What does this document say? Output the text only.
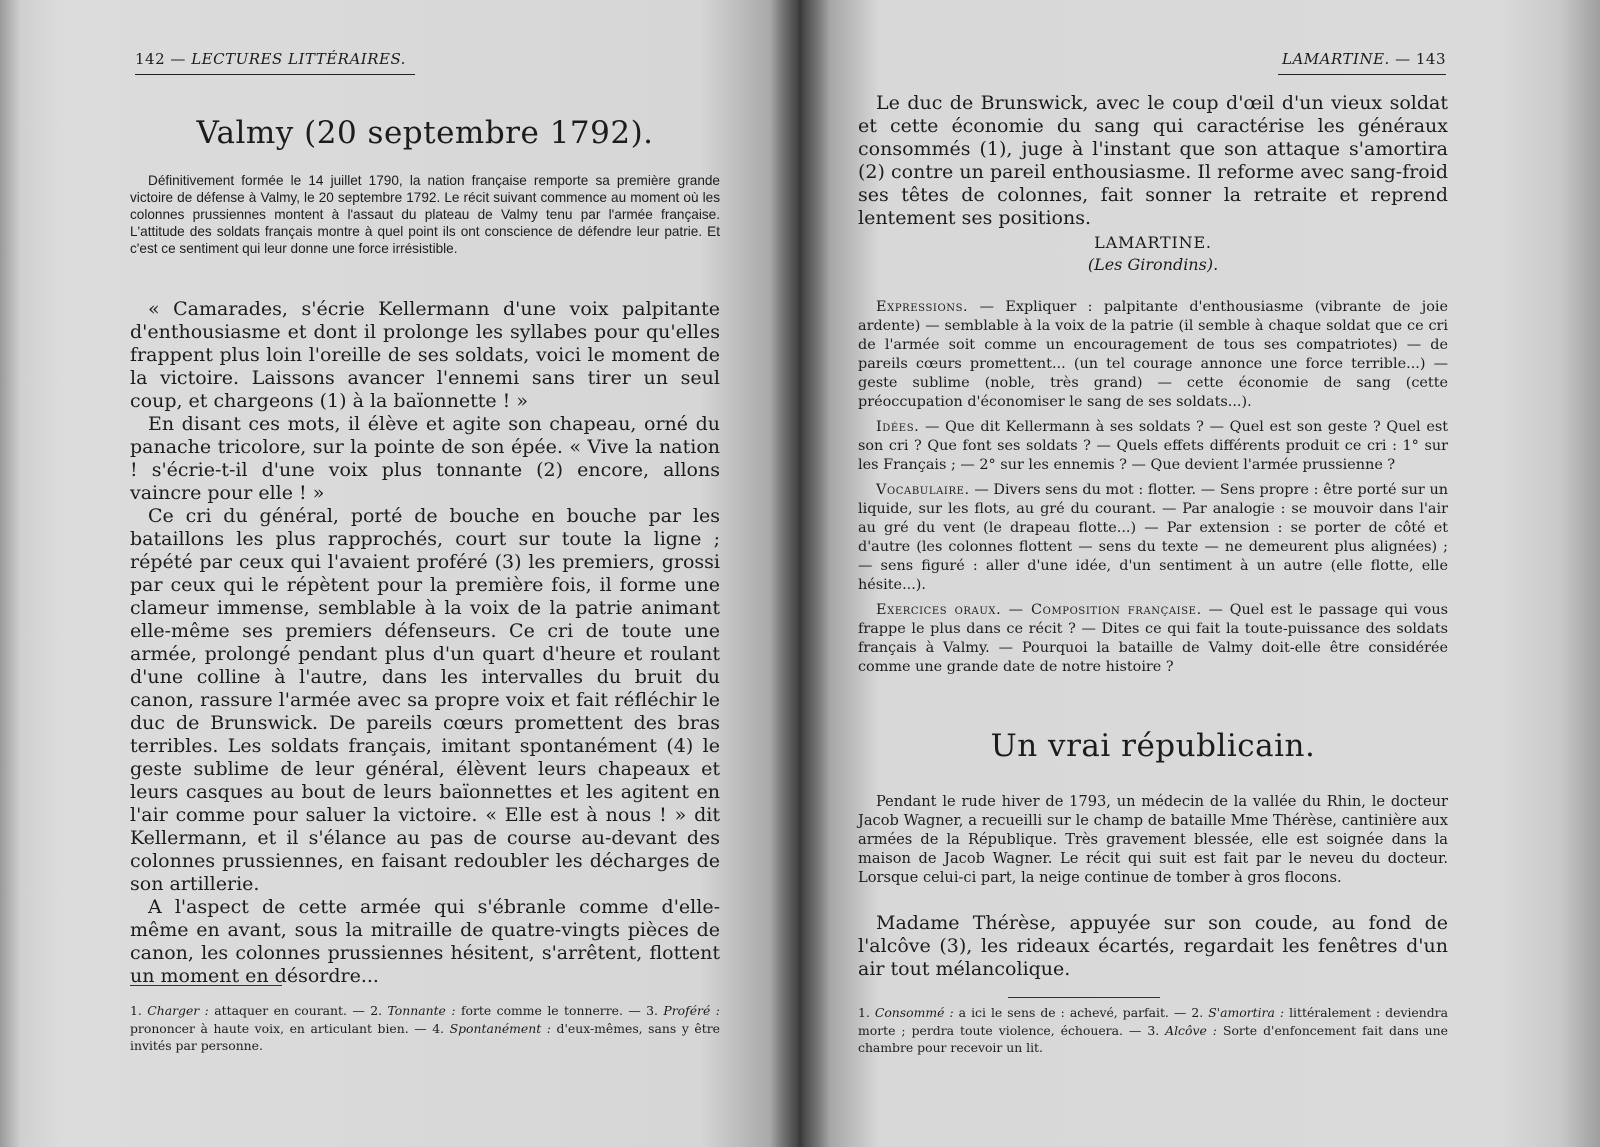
142 — LECTURES LITTÉRAIRES.
Valmy (20 septembre 1792).

Définitivement formée le 14 juillet 1790, la nation française remporte sa première grande victoire de défense à Valmy, le 20 septembre 1792. Le récit suivant commence au moment où les colonnes prussiennes montent à l'assaut du plateau de Valmy tenu par l'armée française. L'attitude des soldats français montre à quel point ils ont conscience de défendre leur patrie. Et c'est ce sentiment qui leur donne une force irrésistible.

« Camarades, s'écrie Kellermann d'une voix palpitante d'enthousiasme et dont il prolonge les syllabes pour qu'elles frappent plus loin l'oreille de ses soldats, voici le moment de la victoire. Laissons avancer l'ennemi sans tirer un seul coup, et chargeons (1) à la baïonnette ! »

En disant ces mots, il élève et agite son chapeau, orné du panache tricolore, sur la pointe de son épée. « Vive la nation ! s'écrie-t-il d'une voix plus tonnante (2) encore, allons vaincre pour elle ! »

Ce cri du général, porté de bouche en bouche par les bataillons les plus rapprochés, court sur toute la ligne ; répété par ceux qui l'avaient proféré (3) les premiers, grossi par ceux qui le répètent pour la première fois, il forme une clameur immense, semblable à la voix de la patrie animant elle-même ses premiers défenseurs. Ce cri de toute une armée, prolongé pendant plus d'un quart d'heure et roulant d'une colline à l'autre, dans les intervalles du bruit du canon, rassure l'armée avec sa propre voix et fait réfléchir le duc de Brunswick. De pareils cœurs promettent des bras terribles. Les soldats français, imitant spontanément (4) le geste sublime de leur général, élèvent leurs chapeaux et leurs casques au bout de leurs baïonnettes et les agitent en l'air comme pour saluer la victoire. « Elle est à nous ! » dit Kellermann, et il s'élance au pas de course au-devant des colonnes prussiennes, en faisant redoubler les décharges de son artillerie.

A l'aspect de cette armée qui s'ébranle comme d'elle-même en avant, sous la mitraille de quatre-vingts pièces de canon, les colonnes prussiennes hésitent, s'arrêtent, flottent un moment en désordre...

1. Charger : attaquer en courant. — 2. Tonnante : forte comme le tonnerre. — 3. Proféré : prononcer à haute voix, en articulant bien. — 4. Spontanément : d'eux-mêmes, sans y être invités par personne.

LAMARTINE. — 143

Le duc de Brunswick, avec le coup d'œil d'un vieux soldat et cette économie du sang qui caractérise les généraux consommés (1), juge à l'instant que son attaque s'amortira (2) contre un pareil enthousiasme. Il reforme avec sang-froid ses têtes de colonnes, fait sonner la retraite et reprend lentement ses positions.

LAMARTINE.
(Les Girondins).

Expressions. — Expliquer : palpitante d'enthousiasme (vibrante de joie ardente) — semblable à la voix de la patrie (il semble à chaque soldat que ce cri de l'armée soit comme un encouragement de tous ses compatriotes) — de pareils cœurs promettent... (un tel courage annonce une force terrible...) — geste sublime (noble, très grand) — cette économie de sang (cette préoccupation d'économiser le sang de ses soldats...).

Idées. — Que dit Kellermann à ses soldats ? — Quel est son geste ? Quel est son cri ? Que font ses soldats ? — Quels effets différents produit ce cri : 1° sur les Français ; — 2° sur les ennemis ? — Que devient l'armée prussienne ?

Vocabulaire. — Divers sens du mot : flotter. — Sens propre : être porté sur un liquide, sur les flots, au gré du courant. — Par analogie : se mouvoir dans l'air au gré du vent (le drapeau flotte...) — Par extension : se porter de côté et d'autre (les colonnes flottent — sens du texte — ne demeurent plus alignées) ; — sens figuré : aller d'une idée, d'un sentiment à un autre (elle flotte, elle hésite...).

Exercices oraux. — Composition française. — Quel est le passage qui vous frappe le plus dans ce récit ? — Dites ce qui fait la toute-puissance des soldats français à Valmy. — Pourquoi la bataille de Valmy doit-elle être considérée comme une grande date de notre histoire ?

Un vrai républicain.

Pendant le rude hiver de 1793, un médecin de la vallée du Rhin, le docteur Jacob Wagner, a recueilli sur le champ de bataille Mme Thérèse, cantinière aux armées de la République. Très gravement blessée, elle est soignée dans la maison de Jacob Wagner. Le récit qui suit est fait par le neveu du docteur. Lorsque celui-ci part, la neige continue de tomber à gros flocons.

Madame Thérèse, appuyée sur son coude, au fond de l'alcôve (3), les rideaux écartés, regardait les fenêtres d'un air tout mélancolique.

1. Consommé : a ici le sens de : achevé, parfait. — 2. S'amortira : littéralement : deviendra morte ; perdra toute violence, échouera. — 3. Alcôve : Sorte d'enfoncement fait dans une chambre pour recevoir un lit.
